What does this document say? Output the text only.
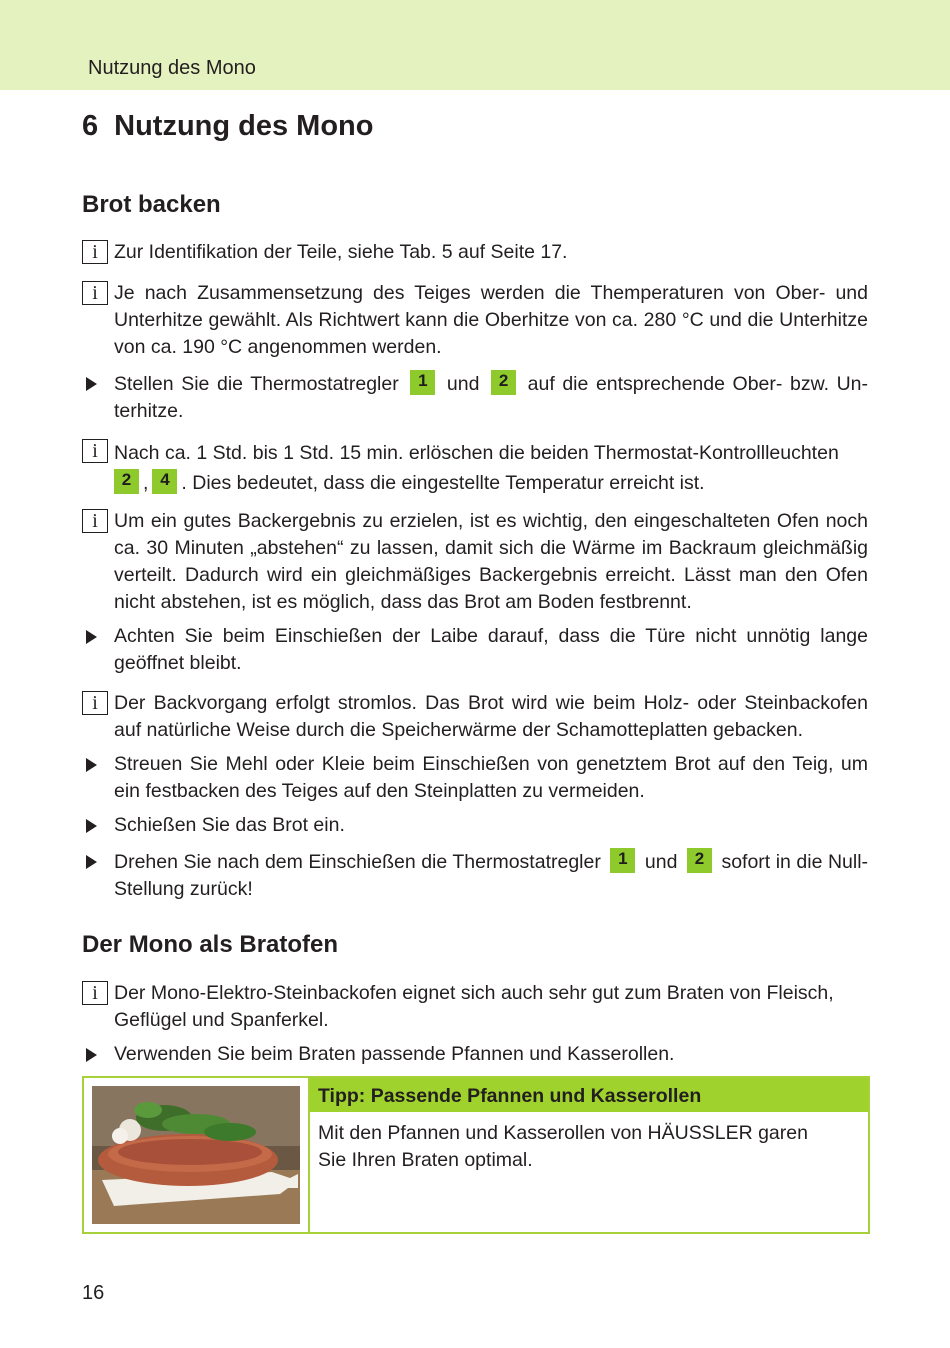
Nutzung des Mono
6 Nutzung des Mono
Brot backen
i Zur Identifikation der Teile, siehe Tab. 5 auf Seite 17.
i Je nach Zusammensetzung des Teiges werden die Themperaturen von Ober- und Unterhitze gewählt. Als Richtwert kann die Oberhitze von ca. 280 °C und die Unterhitze von ca. 190 °C angenommen werden.
Stellen Sie die Thermostatregler 1 und 2 auf die entsprechende Ober- bzw. Unterhitze.
i Nach ca. 1 Std. bis 1 Std. 15 min. erlöschen die beiden Thermostat-Kontrollleuchten 2 , 4 . Dies bedeutet, dass die eingestellte Temperatur erreicht ist.
i Um ein gutes Backergebnis zu erzielen, ist es wichtig, den eingeschalteten Ofen noch ca. 30 Minuten „abstehen“ zu lassen, damit sich die Wärme im Backraum gleichmäßig verteilt. Dadurch wird ein gleichmäßiges Backergebnis erreicht. Lässt man den Ofen nicht abstehen, ist es möglich, dass das Brot am Boden festbrennt.
Achten Sie beim Einschießen der Laibe darauf, dass die Türe nicht unnötig lange geöffnet bleibt.
i Der Backvorgang erfolgt stromlos. Das Brot wird wie beim Holz- oder Steinbackofen auf natürliche Weise durch die Speicherwärme der Schamotteplatten gebacken.
Streuen Sie Mehl oder Kleie beim Einschießen von genetztem Brot auf den Teig, um ein festbacken des Teiges auf den Steinplatten zu vermeiden.
Schießen Sie das Brot ein.
Drehen Sie nach dem Einschießen die Thermostatregler 1 und 2 sofort in die Null-Stellung zurück!
Der Mono als Bratofen
i Der Mono-Elektro-Steinbackofen eignet sich auch sehr gut zum Braten von Fleisch, Geflügel und Spanferkel.
Verwenden Sie beim Braten passende Pfannen und Kasserollen.
Tipp: Passende Pfannen und Kasserollen
Mit den Pfannen und Kasserollen von HÄUSSLER garen Sie Ihren Braten optimal.
16
